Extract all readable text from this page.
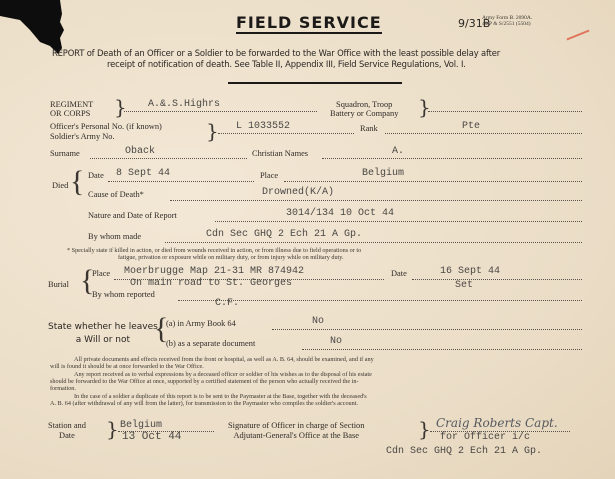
FIELD SERVICE	9/31B
Army Form B. 2090A.
40/P & S/2551 (5504)
REPORT of Death of an Officer or a Soldier to be forwarded to the War Office with the least possible delay after
receipt of notification of death. See Table II, Appendix III, Field Service Regulations, Vol. I.
REGIMENT
OR CORPS } A.&.S.Highrs	Squadron, Troop
Battery or Company }
Officer's Personal No. (if known)
Soldier's Army No.	} L 1033552	Rank	Pte
Surname	Oback	Christian Names	A.
Died { Date 8 Sept 44	Place	Belgium
Cause of Death*	Drowned(K/A)
Nature and Date of Report	3014/134 10 Oct 44
By whom made	Cdn Sec GHQ 2 Ech 21 A Gp.
* Specially state if killed in action, or died from wounds received in action, or from illness due to field operations or to
fatigue, privation or exposure while on military duty, or from injury while on military duty.
Burial {
Place Moerbrugge Map 21-31 MR 874942
On main road to St. Georges
Date	16 Sept 44
Set
By whom reported
C.F.
State whether he leaves
a Will or not {
(a) in Army Book 64	No
(b) as a separate document	No
All private documents and effects received from the front or hospital, as well as A. B. 64, should be examined, and if any
will is found it should be at once forwarded to the War Office.
Any report received as to verbal expressions by a deceased officer or soldier of his wishes as to the disposal of his estate
should be forwarded to the War Office at once, supported by a certified statement of the person who actually received the in-
formation.
In the case of a soldier a duplicate of this report is to be sent to the Paymaster at the Base, together with the deceased's
A. B. 64 (after withdrawal of any will from the latter), for transmission to the Paymaster who compiles the soldier's account.
Station and
Date	} Belgium
13 Oct 44
Signature of Officer in charge of Section
Adjutant-General's Office at the Base	} Craig Roberts Capt.
for Officer i/c
Cdn Sec GHQ 2 Ech 21 A Gp.
